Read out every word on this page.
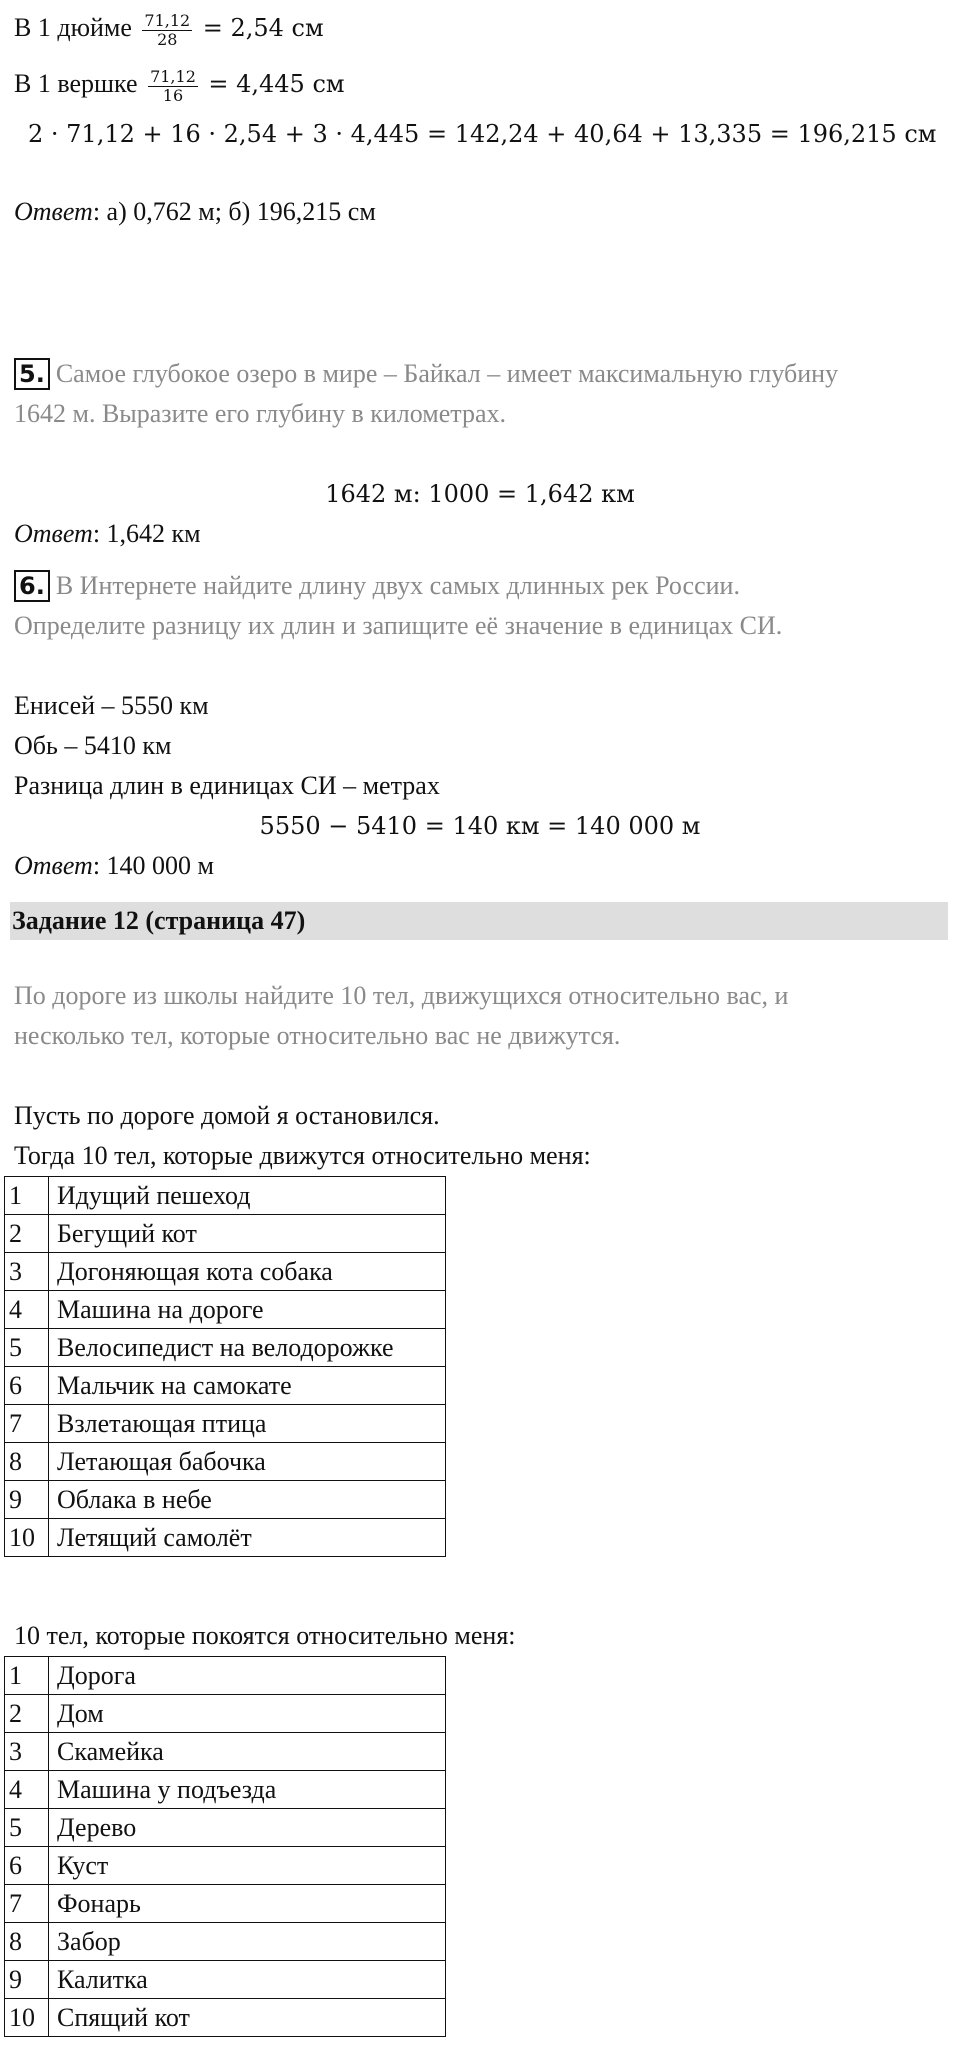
В 1 дюйме $\frac{71,12}{28} = 2,54$ см
В 1 вершке $\frac{71,12}{16} = 4,445$ см
2 · 71,12 + 16 · 2,54 + 3 · 4,445 = 142,24 + 40,64 + 13,335 = 196,215 см
Ответ: а) 0,762 м; б) 196,215 см
5. Самое глубокое озеро в мире – Байкал – имеет максимальную глубину
1642 м. Выразите его глубину в километрах.
1642 м: 1000 = 1,642 км
Ответ: 1,642 км
6. В Интернете найдите длину двух самых длинных рек России.
Определите разницу их длин и запищите её значение в единицах СИ.
Енисей – 5550 км
Обь – 5410 км
Разница длин в единицах СИ – метрах
5550 − 5410 = 140 км = 140 000 м
Ответ: 140 000 м
Задание 12 (страница 47)
По дороге из школы найдите 10 тел, движущихся относительно вас, и
несколько тел, которые относительно вас не движутся.
Пусть по дороге домой я остановился.
Тогда 10 тел, которые движутся относительно меня:
1	Идущий пешеход
2	Бегущий кот
3	Догоняющая кота собака
4	Машина на дороге
5	Велосипедист на велодорожке
6	Мальчик на самокате
7	Взлетающая птица
8	Летающая бабочка
9	Облака в небе
10	Летящий самолёт
10 тел, которые покоятся относительно меня:
1	Дорога
2	Дом
3	Скамейка
4	Машина у подъезда
5	Дерево
6	Куст
7	Фонарь
8	Забор
9	Калитка
10	Спящий кот
